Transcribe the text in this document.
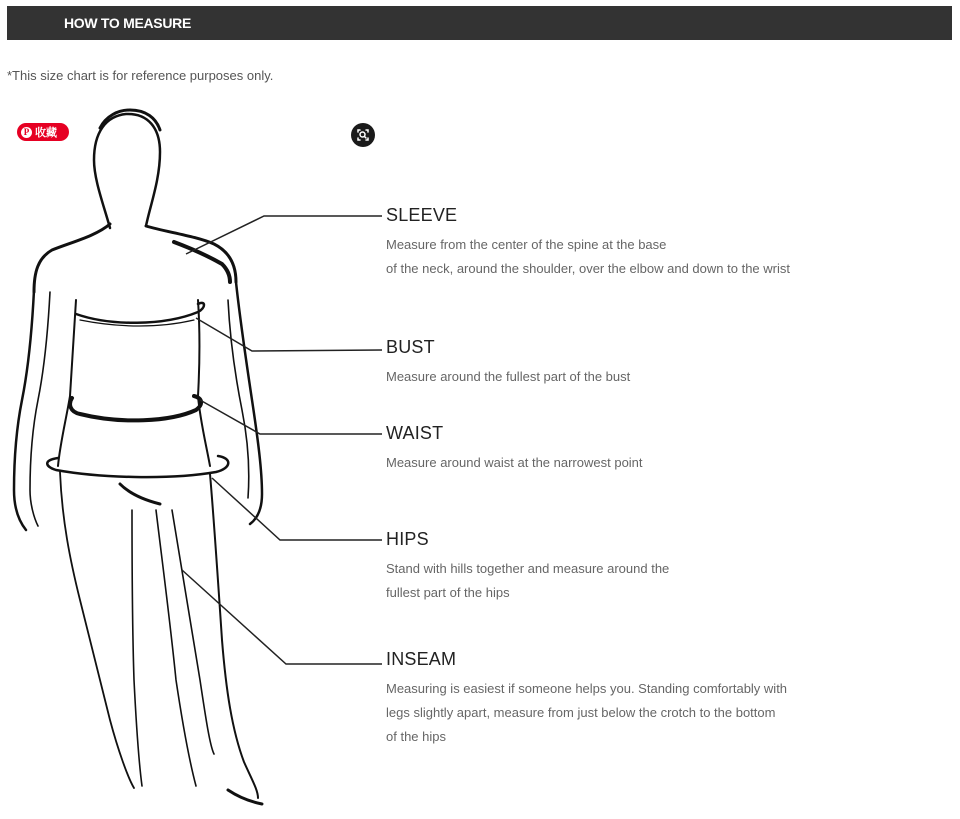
HOW TO MEASURE
*This size chart is for reference purposes only.
P 收藏
SLEEVE
Measure from the center of the spine at the base
of the neck, around the shoulder, over the elbow and down to the wrist
BUST
Measure around the fullest part of the bust
WAIST
Measure around waist at the narrowest point
HIPS
Stand with hills together and measure around the
fullest part of the hips
INSEAM
Measuring is easiest if someone helps you. Standing comfortably with
legs slightly apart, measure from just below the crotch to the bottom
of the hips
